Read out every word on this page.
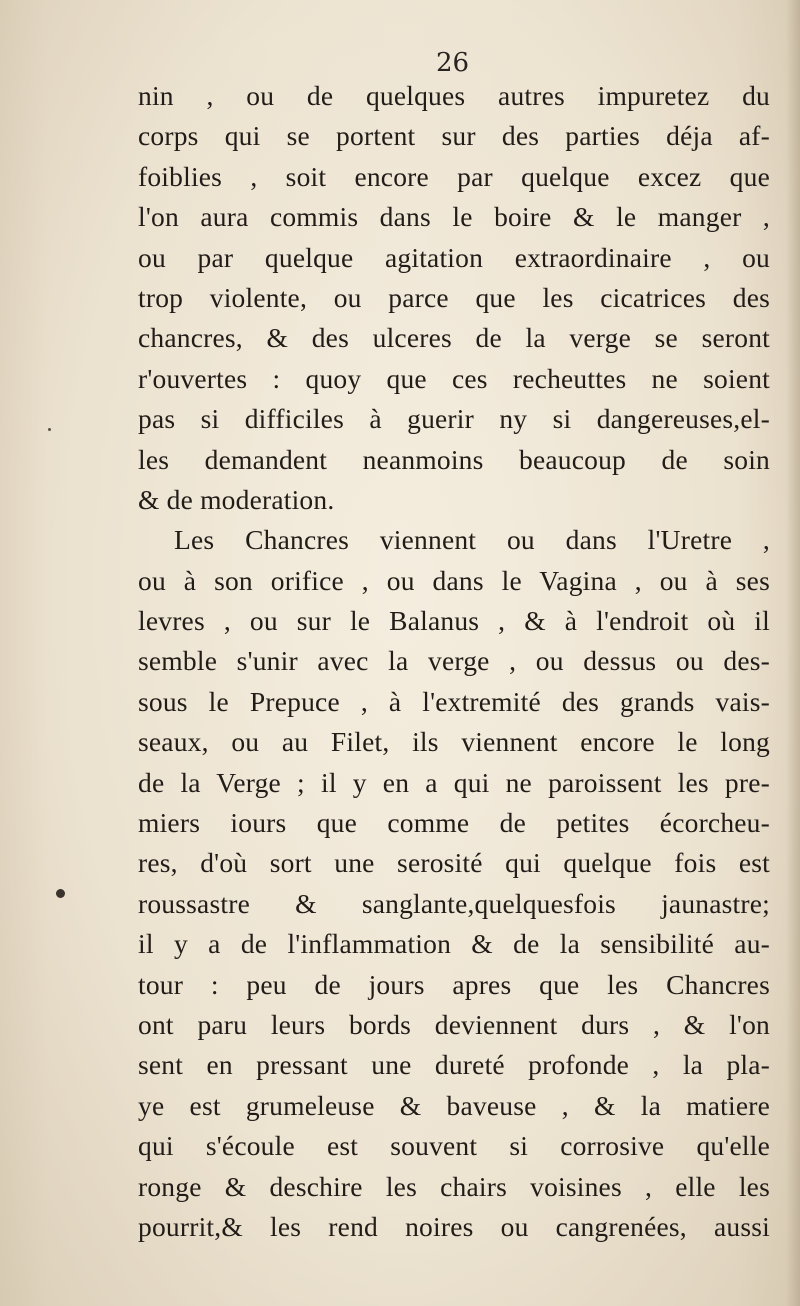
26
nin , ou de quelques autres impuretez du
corps qui se portent sur des parties déja af-
foiblies , soit encore par quelque excez que
l'on aura commis dans le boire & le manger ,
ou par quelque agitation extraordinaire , ou
trop violente, ou parce que les cicatrices des
chancres, & des ulceres de la verge se seront
r'ouvertes : quoy que ces recheuttes ne soient
pas si difficiles à guerir ny si dangereuses,el-
les demandent neanmoins beaucoup de soin
& de moderation.
Les Chancres viennent ou dans l'Uretre ,
ou à son orifice , ou dans le Vagina , ou à ses
levres , ou sur le Balanus , & à l'endroit où il
semble s'unir avec la verge , ou dessus ou des-
sous le Prepuce , à l'extremité des grands vais-
seaux, ou au Filet, ils viennent encore le long
de la Verge ; il y en a qui ne paroissent les pre-
miers iours que comme de petites écorcheu-
res, d'où sort une serosité qui quelque fois est
roussastre & sanglante,quelquesfois jaunastre;
il y a de l'inflammation & de la sensibilité au-
tour : peu de jours apres que les Chancres
ont paru leurs bords deviennent durs , & l'on
sent en pressant une dureté profonde , la pla-
ye est grumeleuse & baveuse , & la matiere
qui s'écoule est souvent si corrosive qu'elle
ronge & deschire les chairs voisines , elle les
pourrit,& les rend noires ou cangrenées, aussi
